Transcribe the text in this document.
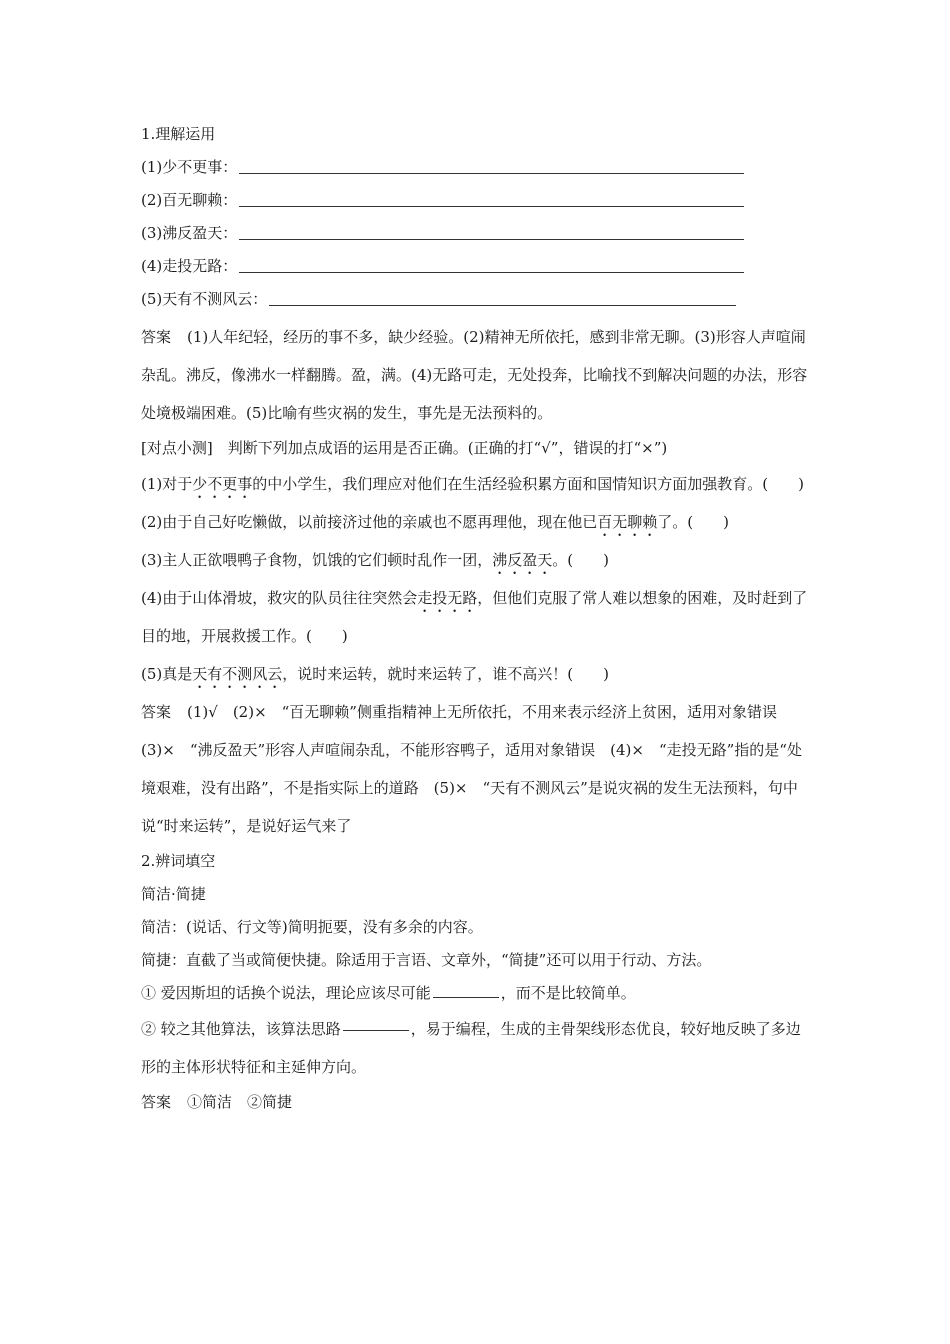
1.理解运用
(1)少不更事：
(2)百无聊赖：
(3)沸反盈天：
(4)走投无路：
(5)天有不测风云：

答案 (1)人年纪轻，经历的事不多，缺少经验。(2)精神无所依托，感到非常无聊。(3)形容人声喧闹杂乱。沸反，像沸水一样翻腾。盈，满。(4)无路可走，无处投奔，比喻找不到解决问题的办法，形容处境极端困难。(5)比喻有些灾祸的发生，事先是无法预料的。

[对点小测]　判断下列加点成语的运用是否正确。(正确的打“√”，错误的打“×”)

(1)对于少不更事的中小学生，我们理应对他们在生活经验积累方面和国情知识方面加强教育。(　　)

(2)由于自己好吃懒做，以前接济过他的亲戚也不愿再理他，现在他已百无聊赖了。(　　)

(3)主人正欲喂鸭子食物，饥饿的它们顿时乱作一团，沸反盈天。(　　)

(4)由于山体滑坡，救灾的队员往往突然会走投无路，但他们克服了常人难以想象的困难，及时赶到了目的地，开展救援工作。(　　)

(5)真是天有不测风云，说时来运转，就时来运转了，谁不高兴！(　　)

答案 (1)√　(2)×　“百无聊赖”侧重指精神上无所依托，不用来表示经济上贫困，适用对象错误　(3)×　“沸反盈天”形容人声喧闹杂乱，不能形容鸭子，适用对象错误　(4)×　“走投无路”指的是“处境艰难，没有出路”，不是指实际上的道路　(5)×　“天有不测风云”是说灾祸的发生无法预料，句中说“时来运转”，是说好运气来了

2.辨词填空
简洁·简捷
简洁：(说话、行文等)简明扼要，没有多余的内容。
简捷：直截了当或简便快捷。除适用于言语、文章外，“简捷”还可以用于行动、方法。
① 爱因斯坦的话换个说法，理论应该尽可能	，而不是比较简单。

② 较之其他算法，该算法思路	，易于编程，生成的主骨架线形态优良，较好地反映了多边形的主体形状特征和主延伸方向。

答案 ①简洁　②简捷
